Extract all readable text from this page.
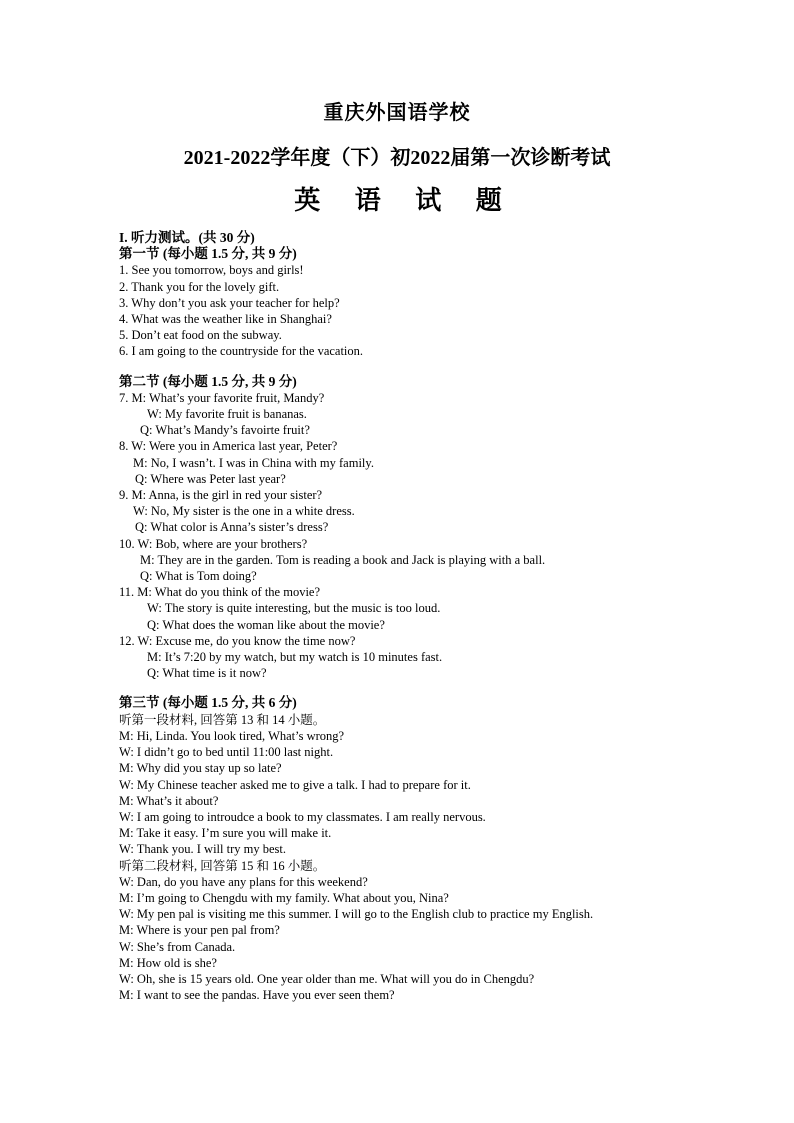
重庆外国语学校
2021-2022学年度（下）初2022届第一次诊断考试
英 语 试 题
I. 听力测试。(共 30 分)
第一节 (每小题 1.5 分, 共 9 分)
1. See you tomorrow, boys and girls!
2. Thank you for the lovely gift.
3. Why don’t you ask your teacher for help?
4. What was the weather like in Shanghai?
5. Don’t eat food on the subway.
6. I am going to the countryside for the vacation.
第二节 (每小题 1.5 分, 共 9 分)
7. M: What’s your favorite fruit, Mandy?
W: My favorite fruit is bananas.
Q: What’s Mandy’s favoirte fruit?
8. W: Were you in America last year, Peter?
M: No, I wasn’t. I was in China with my family.
Q: Where was Peter last year?
9. M: Anna, is the girl in red your sister?
W: No, My sister is the one in a white dress.
Q: What color is Anna’s sister’s dress?
10. W: Bob, where are your brothers?
M: They are in the garden. Tom is reading a book and Jack is playing with a ball.
Q: What is Tom doing?
11. M: What do you think of the movie?
W: The story is quite interesting, but the music is too loud.
Q: What does the woman like about the movie?
12. W: Excuse me, do you know the time now?
M: It’s 7:20 by my watch, but my watch is 10 minutes fast.
Q: What time is it now?
第三节 (每小题 1.5 分, 共 6 分)
听第一段材料, 回答第 13 和 14 小题。
M: Hi, Linda. You look tired, What’s wrong?
W: I didn’t go to bed until 11:00 last night.
M: Why did you stay up so late?
W: My Chinese teacher asked me to give a talk. I had to prepare for it.
M: What’s it about?
W: I am going to introudce a book to my classmates. I am really nervous.
M: Take it easy. I’m sure you will make it.
W: Thank you. I will try my best.
听第二段材料, 回答第 15 和 16 小题。
W: Dan, do you have any plans for this weekend?
M: I’m going to Chengdu with my family. What about you, Nina?
W: My pen pal is visiting me this summer. I will go to the English club to practice my English.
M: Where is your pen pal from?
W: She’s from Canada.
M: How old is she?
W: Oh, she is 15 years old. One year older than me. What will you do in Chengdu?
M: I want to see the pandas. Have you ever seen them?
